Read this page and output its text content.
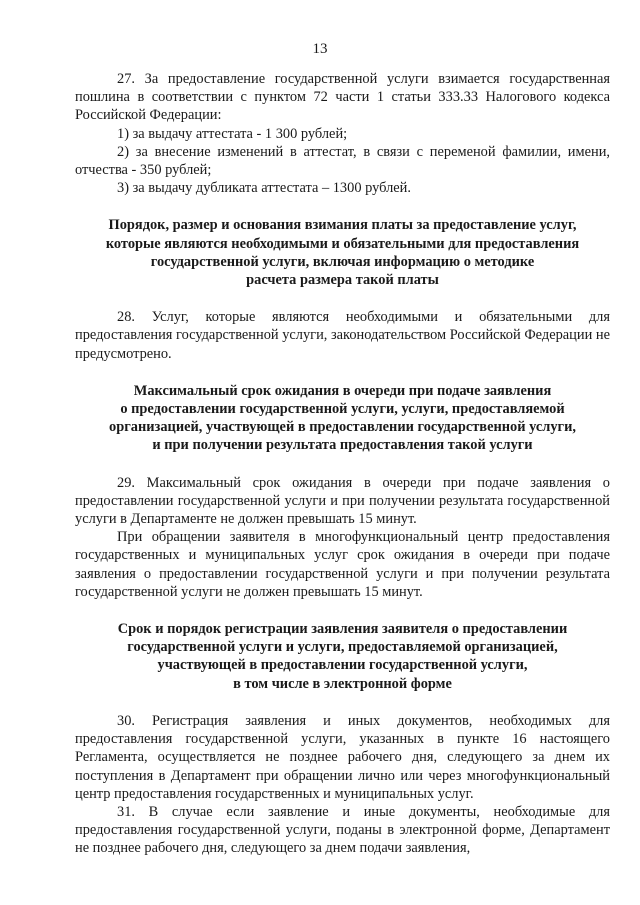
13

27. За предоставление государственной услуги взимается государственная пошлина в соответствии с пунктом 72 части 1 статьи 333.33 Налогового кодекса Российской Федерации:

1) за выдачу аттестата - 1 300 рублей;

2) за внесение изменений в аттестат, в связи с переменой фамилии, имени, отчества - 350 рублей;

3) за выдачу дубликата аттестата – 1300 рублей.

Порядок, размер и основания взимания платы за предоставление услуг,
которые являются необходимыми и обязательными для предоставления
государственной услуги, включая информацию о методике
расчета размера такой платы

28. Услуг, которые являются необходимыми и обязательными для предоставления государственной услуги, законодательством Российской Федерации не предусмотрено.

Максимальный срок ожидания в очереди при подаче заявления
о предоставлении государственной услуги, услуги, предоставляемой
организацией, участвующей в предоставлении государственной услуги,
и при получении результата предоставления такой услуги

29. Максимальный срок ожидания в очереди при подаче заявления о предоставлении государственной услуги и при получении результата государственной услуги в Департаменте не должен превышать 15 минут.

При обращении заявителя в многофункциональный центр предоставления государственных и муниципальных услуг срок ожидания в очереди при подаче заявления о предоставлении государственной услуги и при получении результата государственной услуги не должен превышать 15 минут.

Срок и порядок регистрации заявления заявителя о предоставлении
государственной услуги и услуги, предоставляемой организацией,
участвующей в предоставлении государственной услуги,
в том числе в электронной форме

30. Регистрация заявления и иных документов, необходимых для предоставления государственной услуги, указанных в пункте 16 настоящего Регламента, осуществляется не позднее рабочего дня, следующего за днем их поступления в Департамент при обращении лично или через многофункциональный центр предоставления государственных и муниципальных услуг.

31. В случае если заявление и иные документы, необходимые для предоставления государственной услуги, поданы в электронной форме, Департамент не позднее рабочего дня, следующего за днем подачи заявления,
